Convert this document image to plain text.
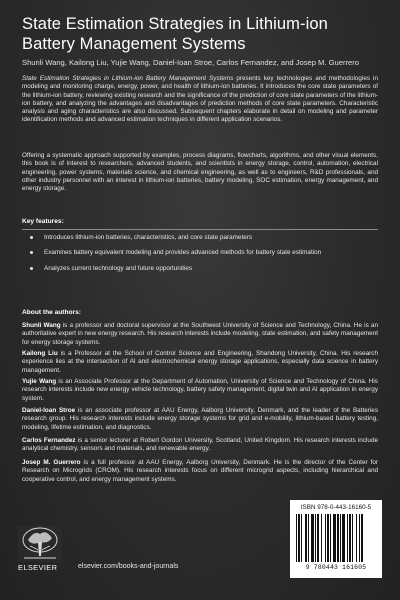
State Estimation Strategies in Lithium-ion Battery Management Systems
Shunli Wang, Kailong Liu, Yujie Wang, Daniel-Ioan Stroe, Carlos Fernandez, and Josep M. Guerrero
State Estimation Strategies in Lithium-ion Battery Management Systems presents key technologies and methodologies in modeling and monitoring charge, energy, power, and health of lithium-ion batteries. It introduces the core state parameters of the lithium-ion battery, reviewing existing research and the significance of the prediction of core state parameters of the lithium-ion battery, and analyzing the advantages and disadvantages of prediction methods of core state parameters. Characteristic analysis and aging characteristics are also discussed. Subsequent chapters elaborate in detail on modeling and parameter identification methods and advanced estimation techniques in different application scenarios.
Offering a systematic approach supported by examples, process diagrams, flowcharts, algorithms, and other visual elements, this book is of interest to researchers, advanced students, and scientists in energy storage, control, automation, electrical engineering, power systems, materials science, and chemical engineering, as well as to engineers, R&D professionals, and other industry personnel with an interest in lithium-ion batteries, battery modeling, SOC estimation, energy management, and energy storage.
Key features:
Introduces lithium-ion batteries, characteristics, and core state parameters
Examines battery equivalent modeling and provides advanced methods for battery state estimation
Analyzes current technology and future opportunities
About the authors:
Shunli Wang is a professor and doctoral supervisor at the Southwest University of Science and Technology, China. He is an authoritative expert in new energy research. His research interests include modeling, state estimation, and safety management for energy storage systems.
Kailong Liu is a Professor at the School of Control Science and Engineering, Shandong University, China. His research experience lies at the intersection of AI and electrochemical energy storage applications, especially data science in battery management.
Yujie Wang is an Associate Professor at the Department of Automation, University of Science and Technology of China. His research interests include new energy vehicle technology, battery safety management, digital twin and AI application in energy system.
Daniel-Ioan Stroe is an associate professor at AAU Energy, Aalborg University, Denmark, and the leader of the Batteries research group. His research interests include energy storage systems for grid and e-mobility, lithium-based battery testing, modeling, lifetime estimation, and diagnostics.
Carlos Fernandez is a senior lecturer at Robert Gordon University, Scotland, United Kingdom. His research interests include analytical chemistry, sensors and materials, and renewable energy.
Josep M. Guerrero is a full professor at AAU Energy, Aalborg University, Denmark. He is the director of the Center for Research on Microgrids (CROM). His research interests focus on different microgrid aspects, including hierarchical and cooperative control, and energy management systems.
ELSEVIER	elsevier.com/books-and-journals
ISBN 978-0-443-16160-5
9 780443 161605
